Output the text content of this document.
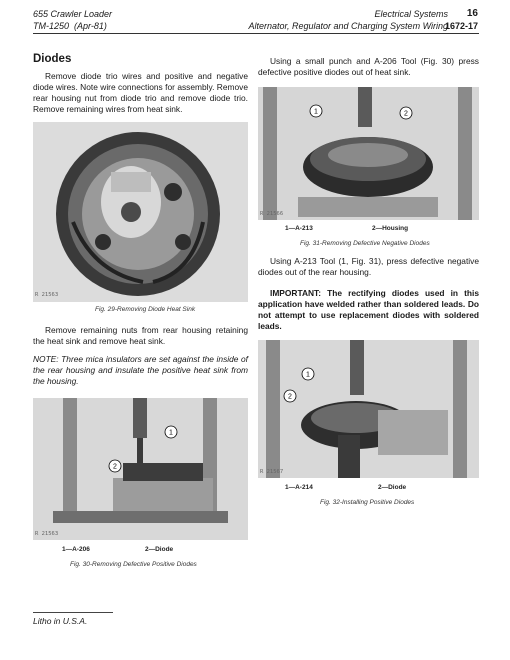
655 Crawler Loader
TM-1250 (Apr-81)
Electrical Systems
Alternator, Regulator and Charging System Wiring
16
1672-17
Diodes
Remove diode trio wires and positive and negative diode wires. Note wire connections for assembly. Remove rear housing nut from diode trio and remove diode trio. Remove remaining wires from heat sink.
R 21563
Fig. 29-Removing Diode Heat Sink
Remove remaining nuts from rear housing retaining the heat sink and remove heat sink.
NOTE: Three mica insulators are set against the inside of the rear housing and insulate the positive heat sink from the housing.
1
2
R 21563
1—A-206	2—Diode
Fig. 30-Removing Defective Positive Diodes
Using a small punch and A-206 Tool (Fig. 30) press defective positive diodes out of heat sink.
1	2
R 21566
1—A-213	2—Housing
Fig. 31-Removing Defective Negative Diodes
Using A-213 Tool (1, Fig. 31), press defective negative diodes out of the rear housing.
IMPORTANT: The rectifying diodes used in this application have welded rather than soldered leads. Do not attempt to use replacement diodes with soldered leads.
1
2
R 21567
1—A-214	2—Diode
Fig. 32-Installing Positive Diodes
Litho in U.S.A.
